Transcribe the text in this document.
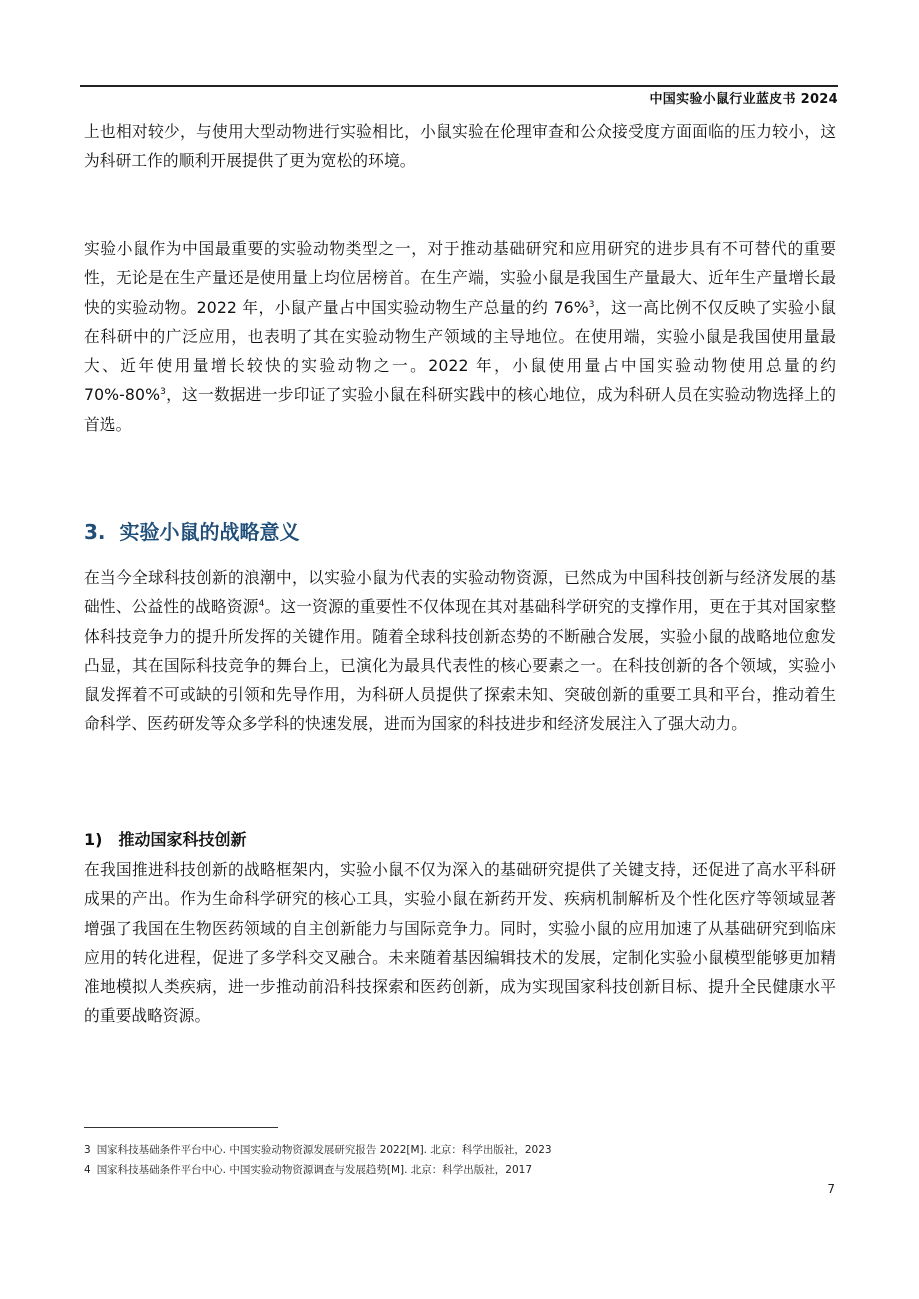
中国实验小鼠行业蓝皮书 2024

上也相对较少，与使用大型动物进行实验相比，小鼠实验在伦理审查和公众接受度方面面临的压力较小，这为科研工作的顺利开展提供了更为宽松的环境。

实验小鼠作为中国最重要的实验动物类型之一，对于推动基础研究和应用研究的进步具有不可替代的重要性，无论是在生产量还是使用量上均位居榜首。在生产端，实验小鼠是我国生产量最大、近年生产量增长最快的实验动物。2022 年，小鼠产量占中国实验动物生产总量的约 76%$^3$，这一高比例不仅反映了实验小鼠在科研中的广泛应用，也表明了其在实验动物生产领域的主导地位。在使用端，实验小鼠是我国使用量最大、近年使用量增长较快的实验动物之一。2022 年，小鼠使用量占中国实验动物使用总量的约 70%-80%$^3$，这一数据进一步印证了实验小鼠在科研实践中的核心地位，成为科研人员在实验动物选择上的首选。

3. 实验小鼠的战略意义

在当今全球科技创新的浪潮中，以实验小鼠为代表的实验动物资源，已然成为中国科技创新与经济发展的基础性、公益性的战略资源$^4$。这一资源的重要性不仅体现在其对基础科学研究的支撑作用，更在于其对国家整体科技竞争力的提升所发挥的关键作用。随着全球科技创新态势的不断融合发展，实验小鼠的战略地位愈发凸显，其在国际科技竞争的舞台上，已演化为最具代表性的核心要素之一。在科技创新的各个领域，实验小鼠发挥着不可或缺的引领和先导作用，为科研人员提供了探索未知、突破创新的重要工具和平台，推动着生命科学、医药研发等众多学科的快速发展，进而为国家的科技进步和经济发展注入了强大动力。

1) 推动国家科技创新

在我国推进科技创新的战略框架内，实验小鼠不仅为深入的基础研究提供了关键支持，还促进了高水平科研成果的产出。作为生命科学研究的核心工具，实验小鼠在新药开发、疾病机制解析及个性化医疗等领域显著增强了我国在生物医药领域的自主创新能力与国际竞争力。同时，实验小鼠的应用加速了从基础研究到临床应用的转化进程，促进了多学科交叉融合。未来随着基因编辑技术的发展，定制化实验小鼠模型能够更加精准地模拟人类疾病，进一步推动前沿科技探索和医药创新，成为实现国家科技创新目标、提升全民健康水平的重要战略资源。

3 国家科技基础条件平台中心. 中国实验动物资源发展研究报告 2022[M]. 北京：科学出版社，2023
4 国家科技基础条件平台中心. 中国实验动物资源调查与发展趋势[M]. 北京：科学出版社，2017
7
